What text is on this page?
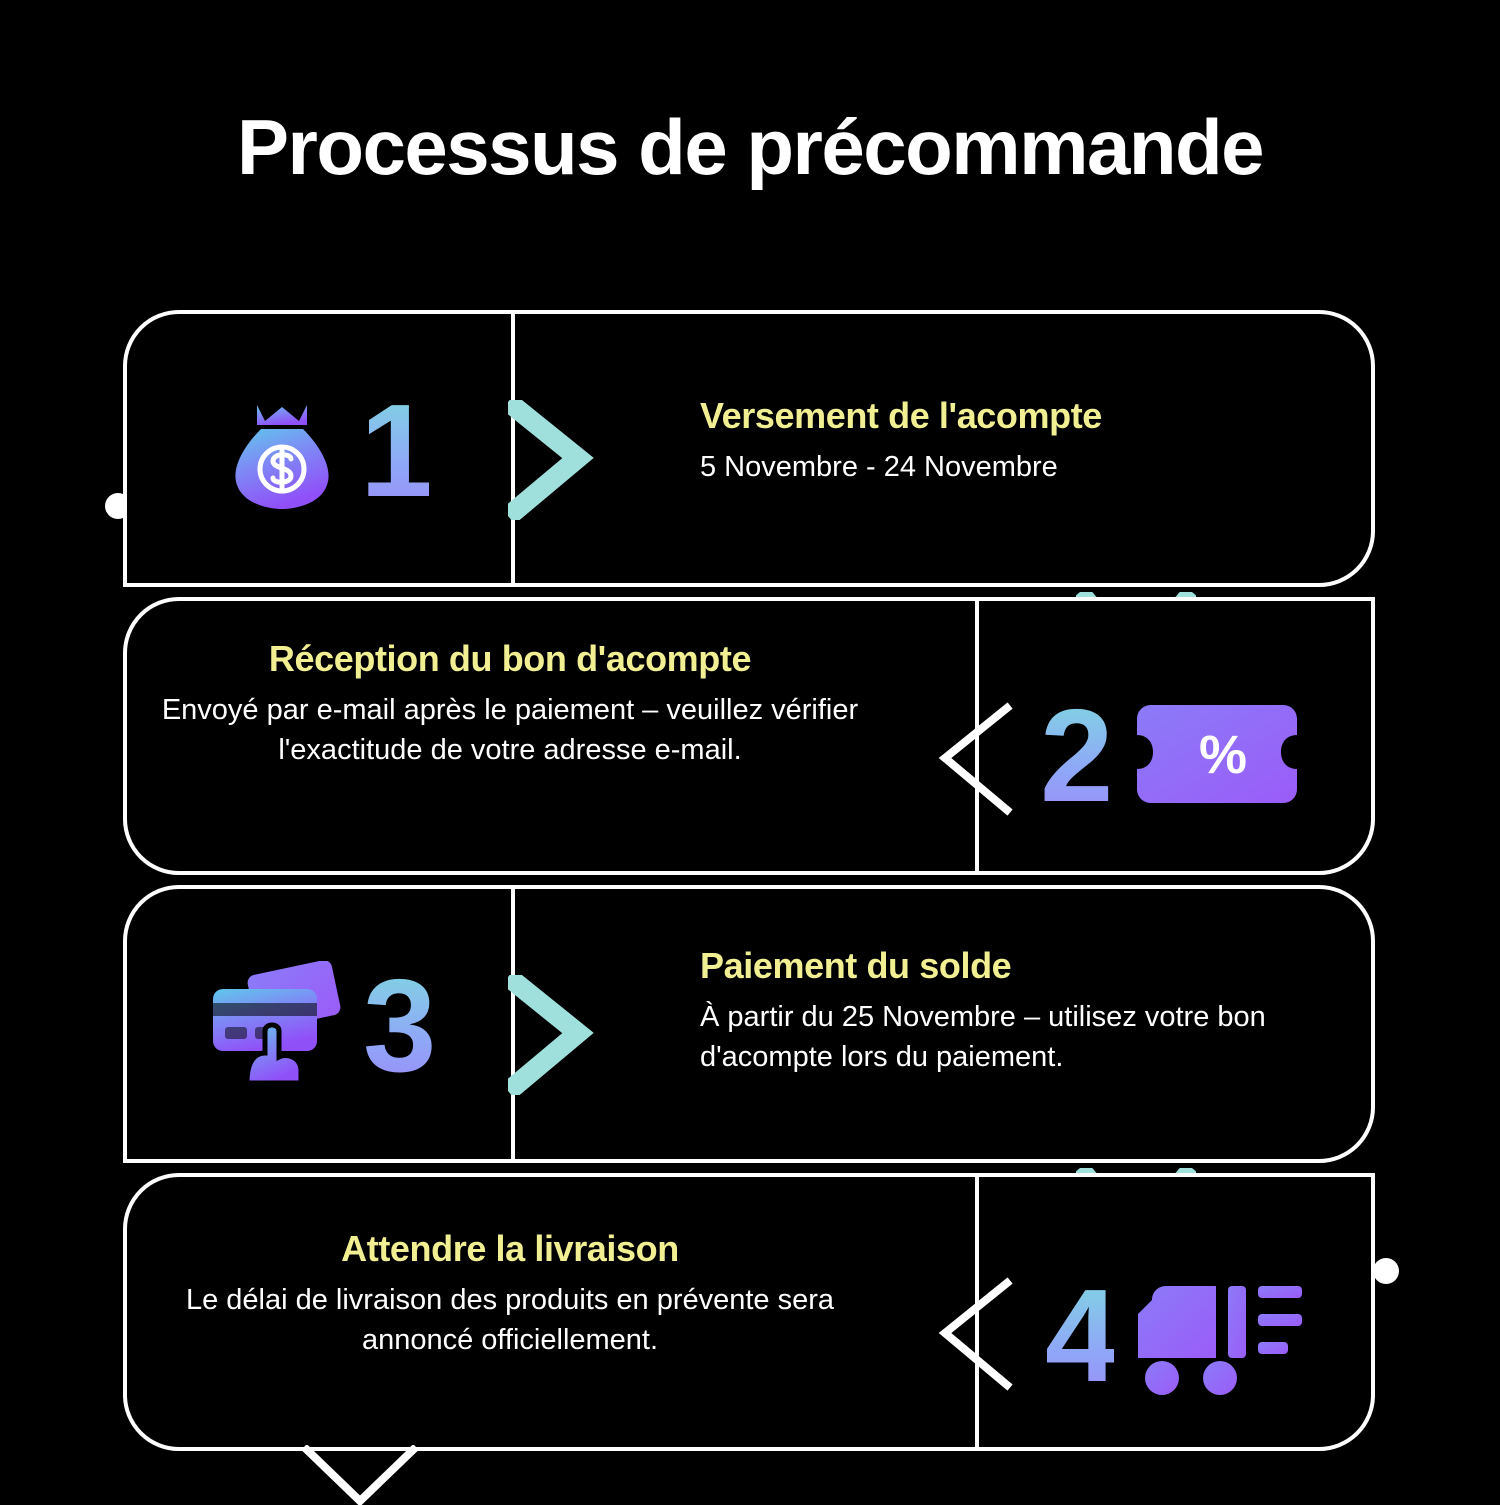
Processus de précommande
1	Versement de l'acompte
5 Novembre - 24 Novembre
2 %
Réception du bon d'acompte
Envoyé par e-mail après le paiement – veuillez vérifier l'exactitude de votre adresse e-mail.
3	Paiement du solde
À partir du 25 Novembre – utilisez votre bon d'acompte lors du paiement.
4
Attendre la livraison
Le délai de livraison des produits en prévente sera annoncé officiellement.
